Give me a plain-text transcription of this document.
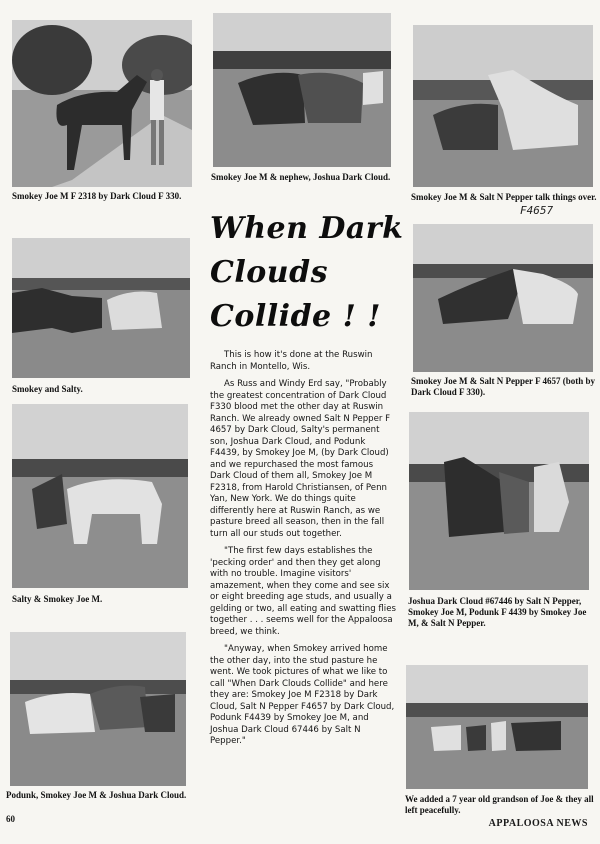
Smokey Joe M F 2318 by Dark Cloud F 330.
Smokey and Salty.
Salty & Smokey Joe M.
Podunk, Smokey Joe M & Joshua Dark Cloud.
Smokey Joe M & nephew, Joshua Dark Cloud.
When Dark
Clouds
Collide ! !

This is how it's done at the Ruswin Ranch in Montello, Wis.

As Russ and Windy Erd say, "Probably the greatest concentration of Dark Cloud F330 blood met the other day at Ruswin Ranch. We already owned Salt N Pepper F 4657 by Dark Cloud, Salty's permanent son, Joshua Dark Cloud, and Podunk F4439, by Smokey Joe M, (by Dark Cloud) and we repurchased the most famous Dark Cloud of them all, Smokey Joe M F2318, from Harold Christiansen, of Penn Yan, New York. We do things quite differently here at Ruswin Ranch, as we pasture breed all season, then in the fall turn all our studs out together.

"The first few days establishes the 'pecking order' and then they get along with no trouble. Imagine visitors' amazement, when they come and see six or eight breeding age studs, and usually a gelding or two, all eating and swatting flies together . . . seems well for the Appaloosa breed, we think.

"Anyway, when Smokey arrived home the other day, into the stud pasture he went. We took pictures of what we like to call "When Dark Clouds Collide" and here they are: Smokey Joe M F2318 by Dark Cloud, Salt N Pepper F4657 by Dark Cloud, Podunk F4439 by Smokey Joe M, and Joshua Dark Cloud 67446 by Salt N Pepper."

Smokey Joe M & Salt N Pepper talk things over.
F4657
Smokey Joe M & Salt N Pepper F 4657 (both by Dark Cloud F 330).
Joshua Dark Cloud #67446 by Salt N Pepper, Smokey Joe M, Podunk F 4439 by Smokey Joe M, & Salt N Pepper.
We added a 7 year old grandson of Joe & they all left peacefully.
60	APPALOOSA NEWS
